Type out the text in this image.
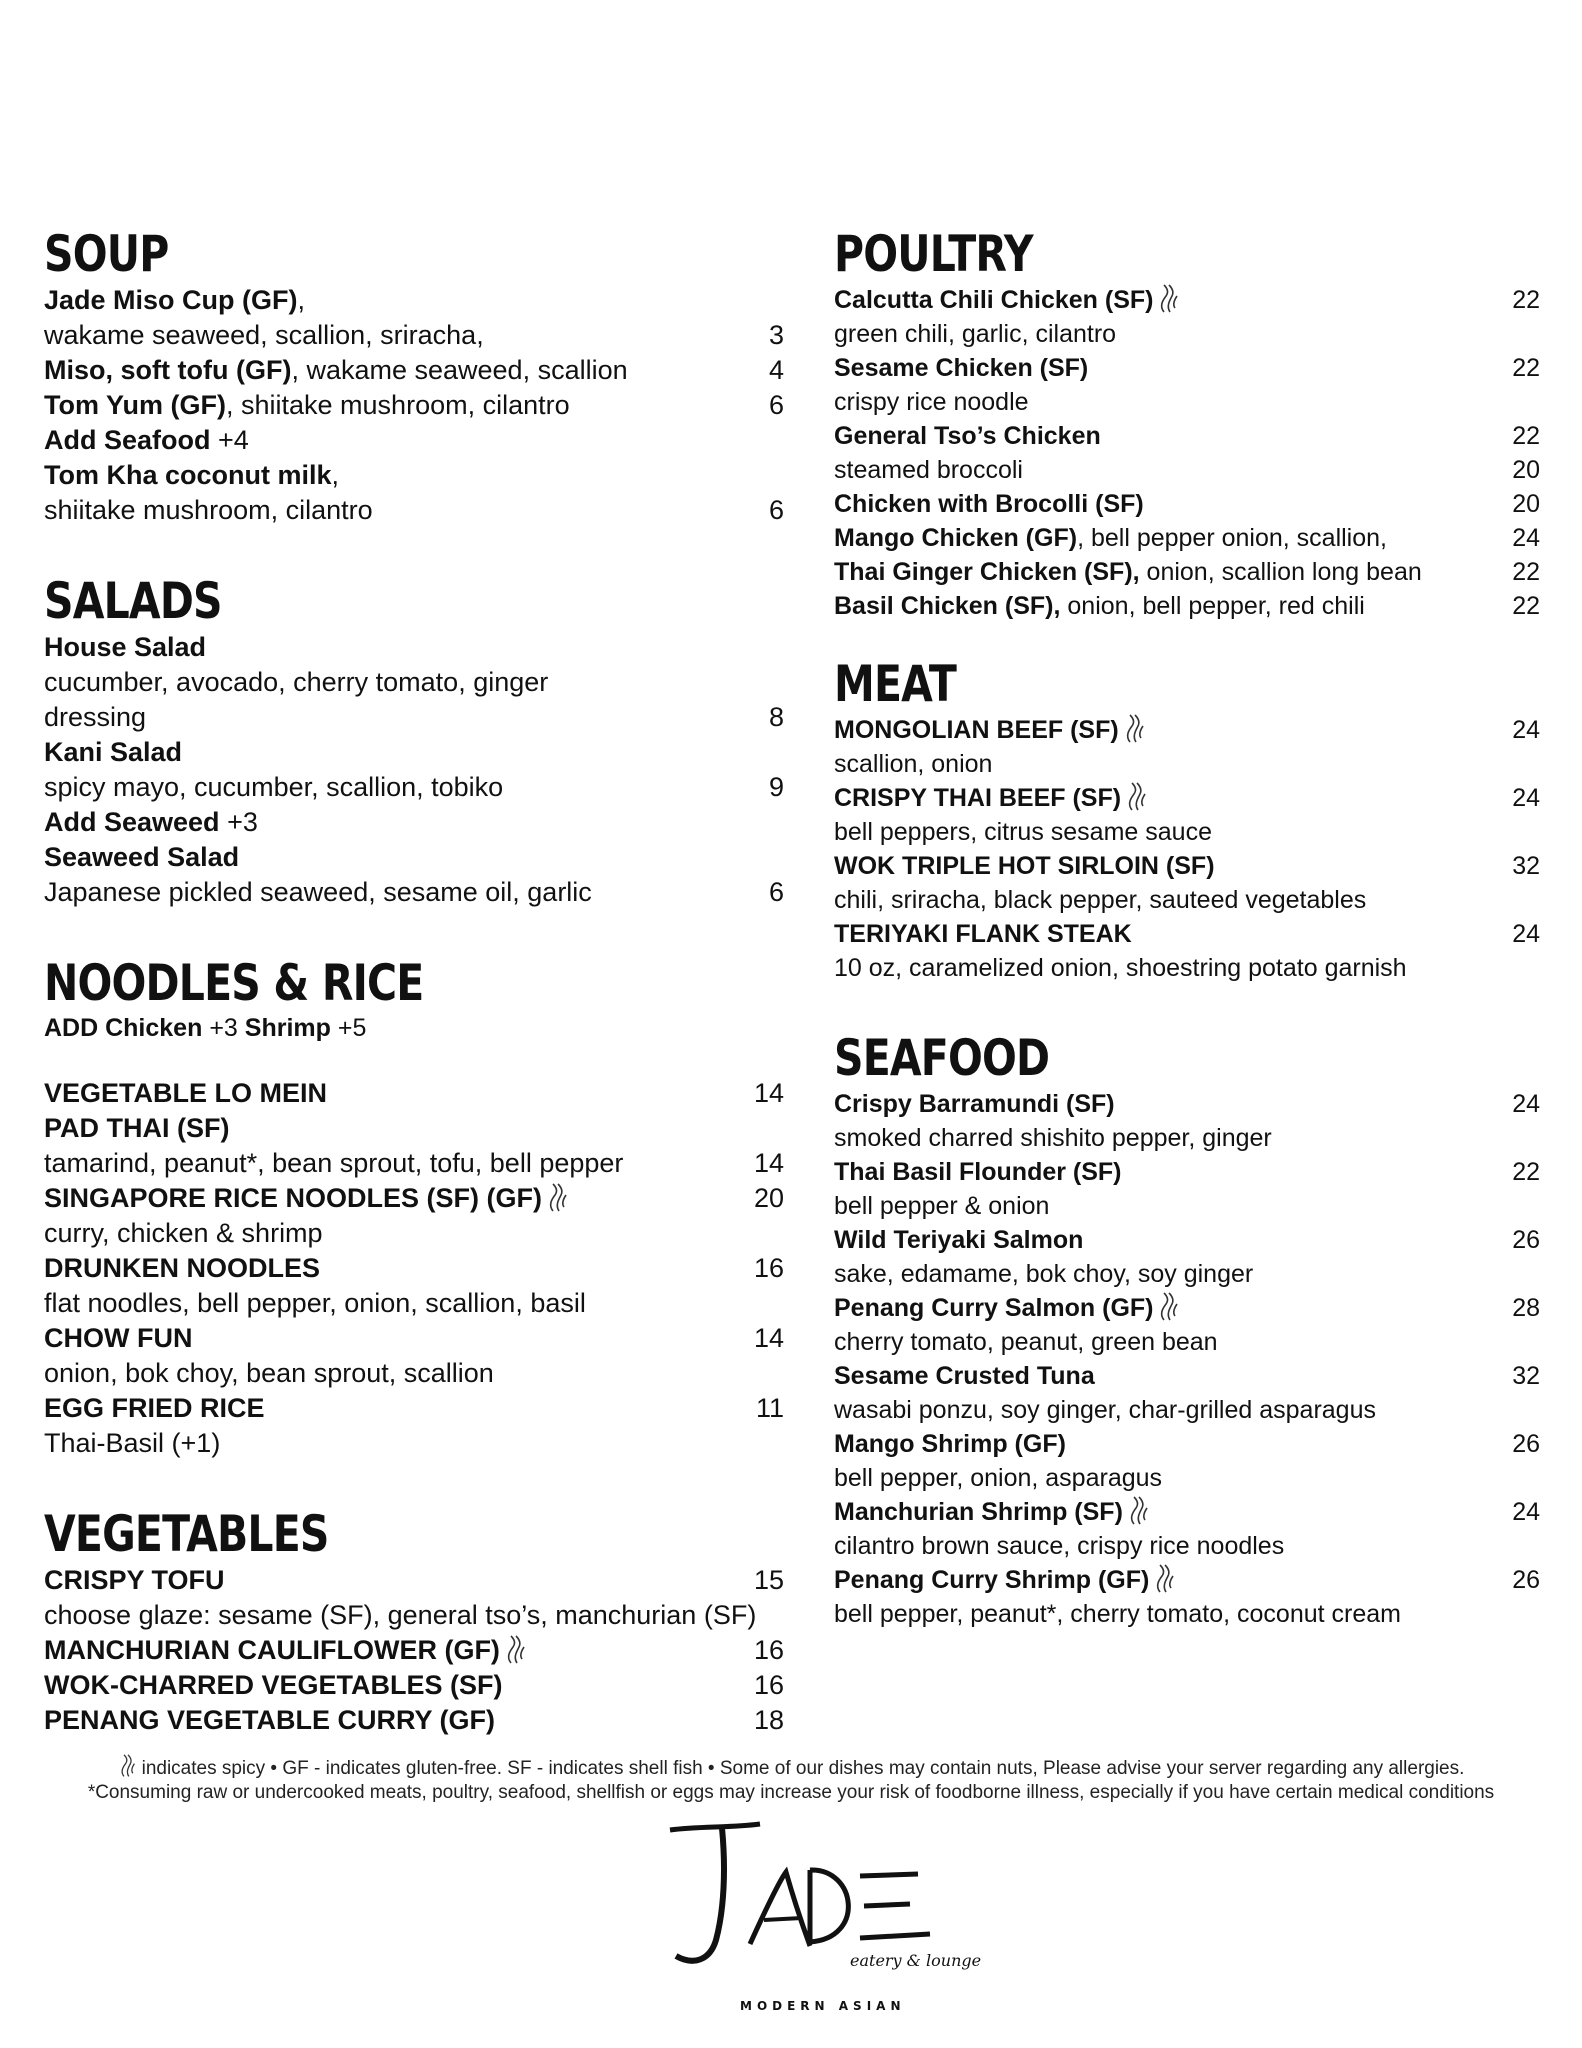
SOUP
Jade Miso Cup (GF),
wakame seaweed, scallion, sriracha,	3
Miso, soft tofu (GF), wakame seaweed, scallion	4
Tom Yum (GF), shiitake mushroom, cilantro	6
Add Seafood +4
Tom Kha coconut milk,
shiitake mushroom, cilantro	6
SALADS
House Salad
cucumber, avocado, cherry tomato, ginger
dressing	8
Kani Salad
spicy mayo, cucumber, scallion, tobiko	9
Add Seaweed +3
Seaweed Salad
Japanese pickled seaweed, sesame oil, garlic	6
NOODLES & RICE
ADD Chicken +3 Shrimp +5
VEGETABLE LO MEIN	14
PAD THAI (SF)
tamarind, peanut*, bean sprout, tofu, bell pepper	14
SINGAPORE RICE NOODLES (SF) (GF)	20
curry, chicken & shrimp
DRUNKEN NOODLES	16
flat noodles, bell pepper, onion, scallion, basil
CHOW FUN	14
onion, bok choy, bean sprout, scallion
EGG FRIED RICE	11
Thai-Basil (+1)
VEGETABLES
CRISPY TOFU	15
choose glaze: sesame (SF), general tso’s, manchurian (SF)
MANCHURIAN CAULIFLOWER (GF)	16
WOK-CHARRED VEGETABLES (SF)	16
PENANG VEGETABLE CURRY (GF)	18
POULTRY
Calcutta Chili Chicken (SF)	22
green chili, garlic, cilantro
Sesame Chicken (SF)	22
crispy rice noodle
General Tso’s Chicken	22
steamed broccoli	20
Chicken with Brocolli (SF)	20
Mango Chicken (GF), bell pepper onion, scallion,	24
Thai Ginger Chicken (SF), onion, scallion long bean	22
Basil Chicken (SF), onion, bell pepper, red chili	22
MEAT
MONGOLIAN BEEF (SF)	24
scallion, onion
CRISPY THAI BEEF (SF)	24
bell peppers, citrus sesame sauce
WOK TRIPLE HOT SIRLOIN (SF)	32
chili, sriracha, black pepper, sauteed vegetables
TERIYAKI FLANK STEAK	24
10 oz, caramelized onion, shoestring potato garnish
SEAFOOD
Crispy Barramundi (SF)	24
smoked charred shishito pepper, ginger
Thai Basil Flounder (SF)	22
bell pepper & onion
Wild Teriyaki Salmon	26
sake, edamame, bok choy, soy ginger
Penang Curry Salmon (GF)	28
cherry tomato, peanut, green bean
Sesame Crusted Tuna	32
wasabi ponzu, soy ginger, char-grilled asparagus
Mango Shrimp (GF)	26
bell pepper, onion, asparagus
Manchurian Shrimp (SF)	24
cilantro brown sauce, crispy rice noodles
Penang Curry Shrimp (GF)	26
bell pepper, peanut*, cherry tomato, coconut cream
indicates spicy • GF - indicates gluten-free. SF - indicates shell fish • Some of our dishes may contain nuts, Please advise your server regarding any allergies.
*Consuming raw or undercooked meats, poultry, seafood, shellfish or eggs may increase your risk of foodborne illness, especially if you have certain medical conditions
eatery & lounge
MODERN ASIAN
